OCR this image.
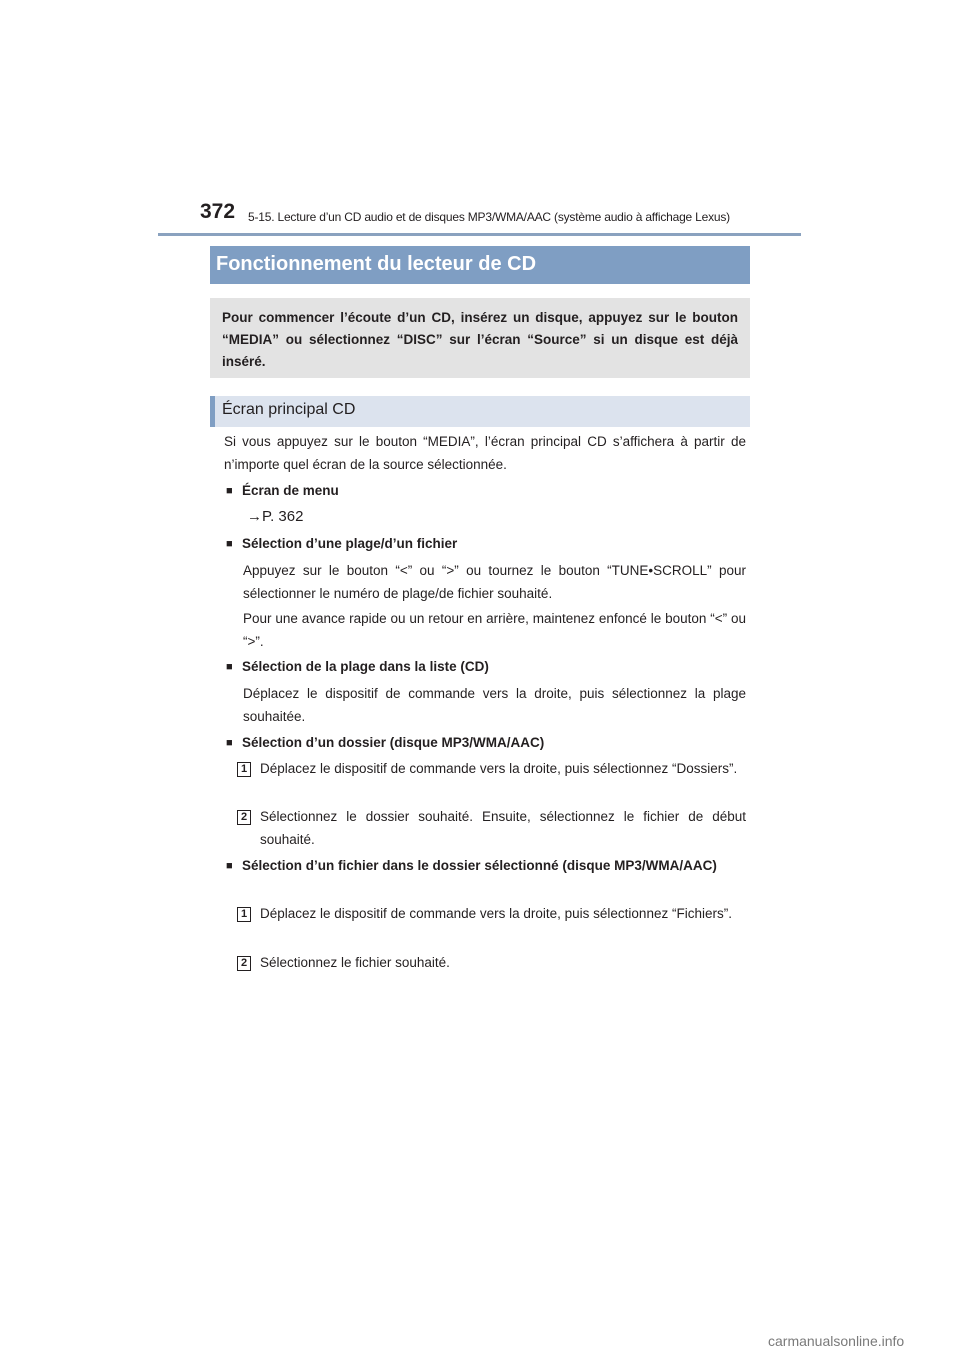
372 5-15. Lecture d’un CD audio et de disques MP3/WMA/AAC (système audio à affichage Lexus)
Fonctionnement du lecteur de CD
Pour commencer l’écoute d’un CD, insérez un disque, appuyez sur le bouton “MEDIA” ou sélectionnez “DISC” sur l’écran “Source” si un disque est déjà inséré.
Écran principal CD
Si vous appuyez sur le bouton “MEDIA”, l’écran principal CD s’affichera à partir de n’importe quel écran de la source sélectionnée.
■ Écran de menu
→P. 362
■ Sélection d’une plage/d’un fichier
Appuyez sur le bouton “<” ou “>” ou tournez le bouton “TUNE•SCROLL” pour sélectionner le numéro de plage/de fichier souhaité.
Pour une avance rapide ou un retour en arrière, maintenez enfoncé le bouton “<” ou “>”.
■ Sélection de la plage dans la liste (CD)
Déplacez le dispositif de commande vers la droite, puis sélectionnez la plage souhaitée.
■ Sélection d’un dossier (disque MP3/WMA/AAC)
1 Déplacez le dispositif de commande vers la droite, puis sélectionnez “Dossiers”.
2 Sélectionnez le dossier souhaité. Ensuite, sélectionnez le fichier de début souhaité.
■ Sélection d’un fichier dans le dossier sélectionné (disque MP3/WMA/AAC)
1 Déplacez le dispositif de commande vers la droite, puis sélectionnez “Fichiers”.
2 Sélectionnez le fichier souhaité.
carmanualsonline.info
